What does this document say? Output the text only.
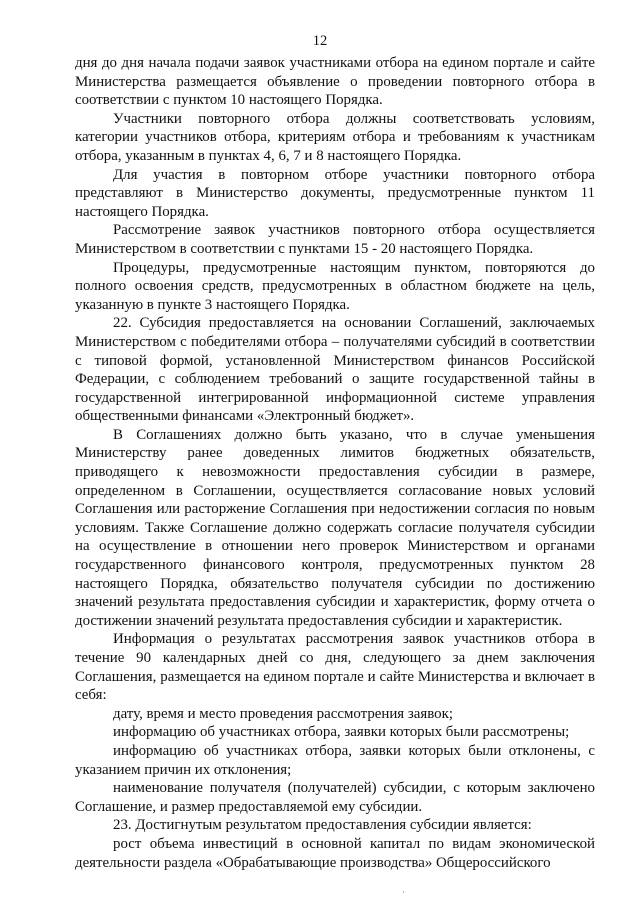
12

дня до дня начала подачи заявок участниками отбора на едином портале и сайте Министерства размещается объявление о проведении повторного отбора в соответствии с пунктом 10 настоящего Порядка.

Участники повторного отбора должны соответствовать условиям, категории участников отбора, критериям отбора и требованиям к участникам отбора, указанным в пунктах 4, 6, 7 и 8 настоящего Порядка.

Для участия в повторном отборе участники повторного отбора представляют в Министерство документы, предусмотренные пунктом 11 настоящего Порядка.

Рассмотрение заявок участников повторного отбора осуществляется Министерством в соответствии с пунктами 15 - 20 настоящего Порядка.

Процедуры, предусмотренные настоящим пунктом, повторяются до полного освоения средств, предусмотренных в областном бюджете на цель, указанную в пункте 3 настоящего Порядка.

22. Субсидия предоставляется на основании Соглашений, заключаемых Министерством с победителями отбора – получателями субсидий в соответствии с типовой формой, установленной Министерством финансов Российской Федерации, с соблюдением требований о защите государственной тайны в государственной интегрированной информационной системе управления общественными финансами «Электронный бюджет».

В Соглашениях должно быть указано, что в случае уменьшения Министерству ранее доведенных лимитов бюджетных обязательств, приводящего к невозможности предоставления субсидии в размере, определенном в Соглашении, осуществляется согласование новых условий Соглашения или расторжение Соглашения при недостижении согласия по новым условиям. Также Соглашение должно содержать согласие получателя субсидии на осуществление в отношении него проверок Министерством и органами государственного финансового контроля, предусмотренных пунктом 28 настоящего Порядка, обязательство получателя субсидии по достижению значений результата предоставления субсидии и характеристик, форму отчета о достижении значений результата предоставления субсидии и характеристик.

Информация о результатах рассмотрения заявок участников отбора в течение 90 календарных дней со дня, следующего за днем заключения Соглашения, размещается на едином портале и сайте Министерства и включает в себя:

дату, время и место проведения рассмотрения заявок;

информацию об участниках отбора, заявки которых были рассмотрены;

информацию об участниках отбора, заявки которых были отклонены, с указанием причин их отклонения;

наименование получателя (получателей) субсидии, с которым заключено Соглашение, и размер предоставляемой ему субсидии.

23. Достигнутым результатом предоставления субсидии является:

рост объема инвестиций в основной капитал по видам экономической деятельности раздела «Обрабатывающие производства» Общероссийского

·
